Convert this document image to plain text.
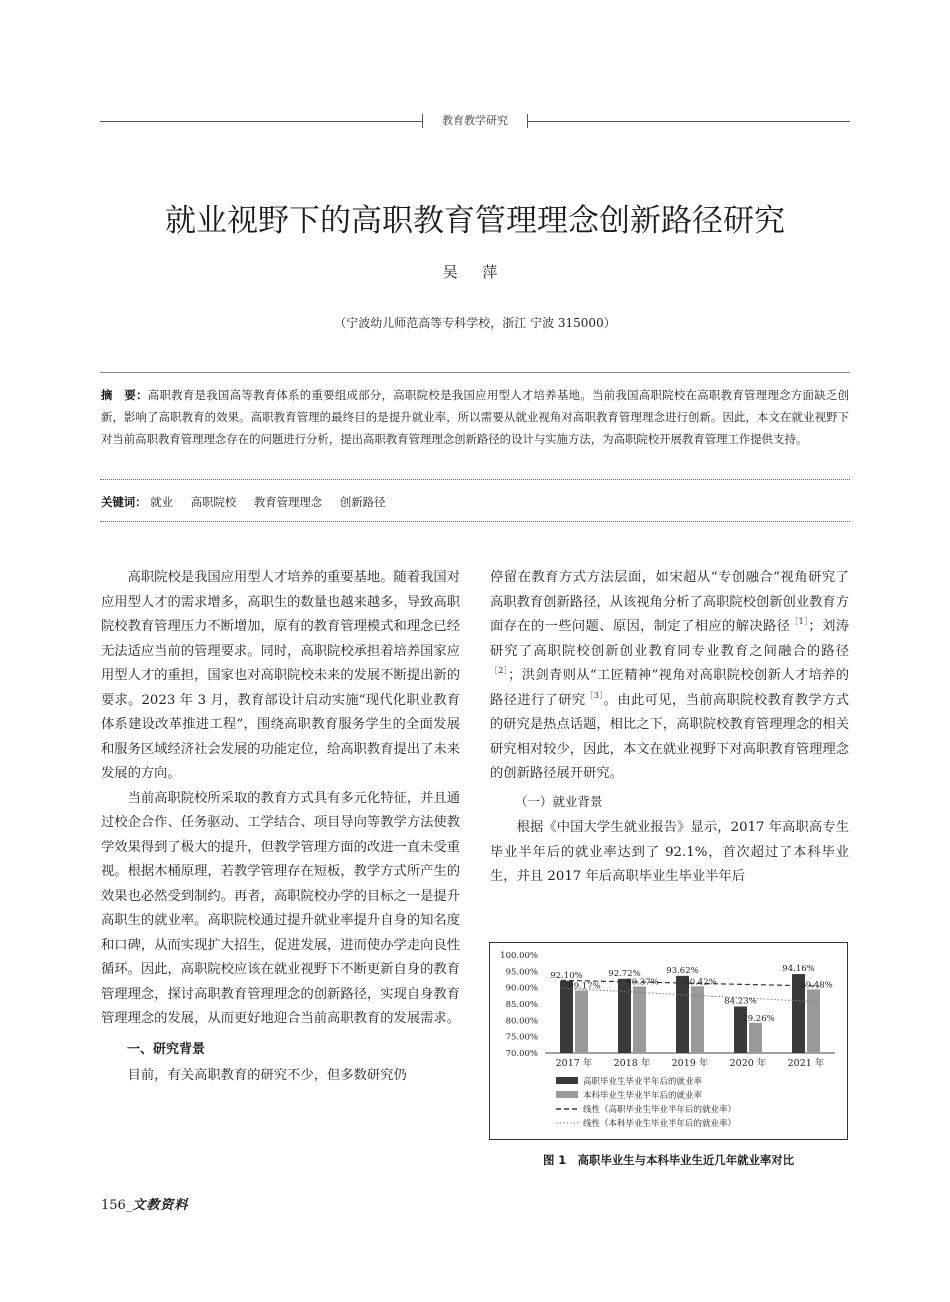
教育教学研究
就业视野下的高职教育管理理念创新路径研究
吴 萍
（宁波幼儿师范高等专科学校，浙江 宁波 315000）
摘　要：高职教育是我国高等教育体系的重要组成部分，高职院校是我国应用型人才培养基地。当前我国高职院校在高职教育管理理念方面缺乏创新，影响了高职教育的效果。高职教育管理的最终目的是提升就业率，所以需要从就业视角对高职教育管理理念进行创新。因此，本文在就业视野下对当前高职教育管理理念存在的问题进行分析，提出高职教育管理理念创新路径的设计与实施方法，为高职院校开展教育管理工作提供支持。
关键词： 就业 高职院校 教育管理理念 创新路径

高职院校是我国应用型人才培养的重要基地。随着我国对应用型人才的需求增多，高职生的数量也越来越多，导致高职院校教育管理压力不断增加，原有的教育管理模式和理念已经无法适应当前的管理要求。同时，高职院校承担着培养国家应用型人才的重担，国家也对高职院校未来的发展不断提出新的要求。2023 年 3 月，教育部设计启动实施“现代化职业教育体系建设改革推进工程”，围绕高职教育服务学生的全面发展和服务区域经济社会发展的功能定位，给高职教育提出了未来发展的方向。

当前高职院校所采取的教育方式具有多元化特征，并且通过校企合作、任务驱动、工学结合、项目导向等教学方法使教学效果得到了极大的提升，但教学管理方面的改进一直未受重视。根据木桶原理，若教学管理存在短板，教学方式所产生的效果也必然受到制约。再者，高职院校办学的目标之一是提升高职生的就业率。高职院校通过提升就业率提升自身的知名度和口碑，从而实现扩大招生，促进发展，进而使办学走向良性循环。因此，高职院校应该在就业视野下不断更新自身的教育管理理念，探讨高职教育管理理念的创新路径，实现自身教育管理理念的发展，从而更好地迎合当前高职教育的发展需求。

一、研究背景

目前，有关高职教育的研究不少，但多数研究仍

停留在教育方式方法层面，如宋超从“专创融合”视角研究了高职教育创新路径，从该视角分析了高职院校创新创业教育方面存在的一些问题、原因，制定了相应的解决路径$^{[1]}$；刘涛研究了高职院校创新创业教育同专业教育之间融合的路径$^{[2]}$；洪剑青则从“工匠精神”视角对高职院校创新人才培养的路径进行了研究$^{[3]}$。由此可见，当前高职院校教育教学方式的研究是热点话题，相比之下，高职院校教育管理理念的相关研究相对较少，因此，本文在就业视野下对高职教育管理理念的创新路径展开研究。

（一）就业背景

根据《中国大学生就业报告》显示，2017 年高职高专生毕业半年后的就业率达到了 92.1%，首次超过了本科毕业生，并且 2017 年后高职毕业生毕业半年后

100.00%
95.00%
90.00%
85.00%
80.00%
75.00%
70.00%
2017 年 2018 年 2019 年 2020 年 2021 年
92.10%
89.17%
92.72%
90.37%
93.62%
90.42%
84.23%
79.26%
94.16%
89.48%
高职毕业生毕业半年后的就业率
本科毕业生毕业半年后的就业率
线性（高职毕业生毕业半年后的就业率）
线性（本科毕业生毕业半年后的就业率）
图 1　高职毕业生与本科毕业生近几年就业率对比
156_文教资料
